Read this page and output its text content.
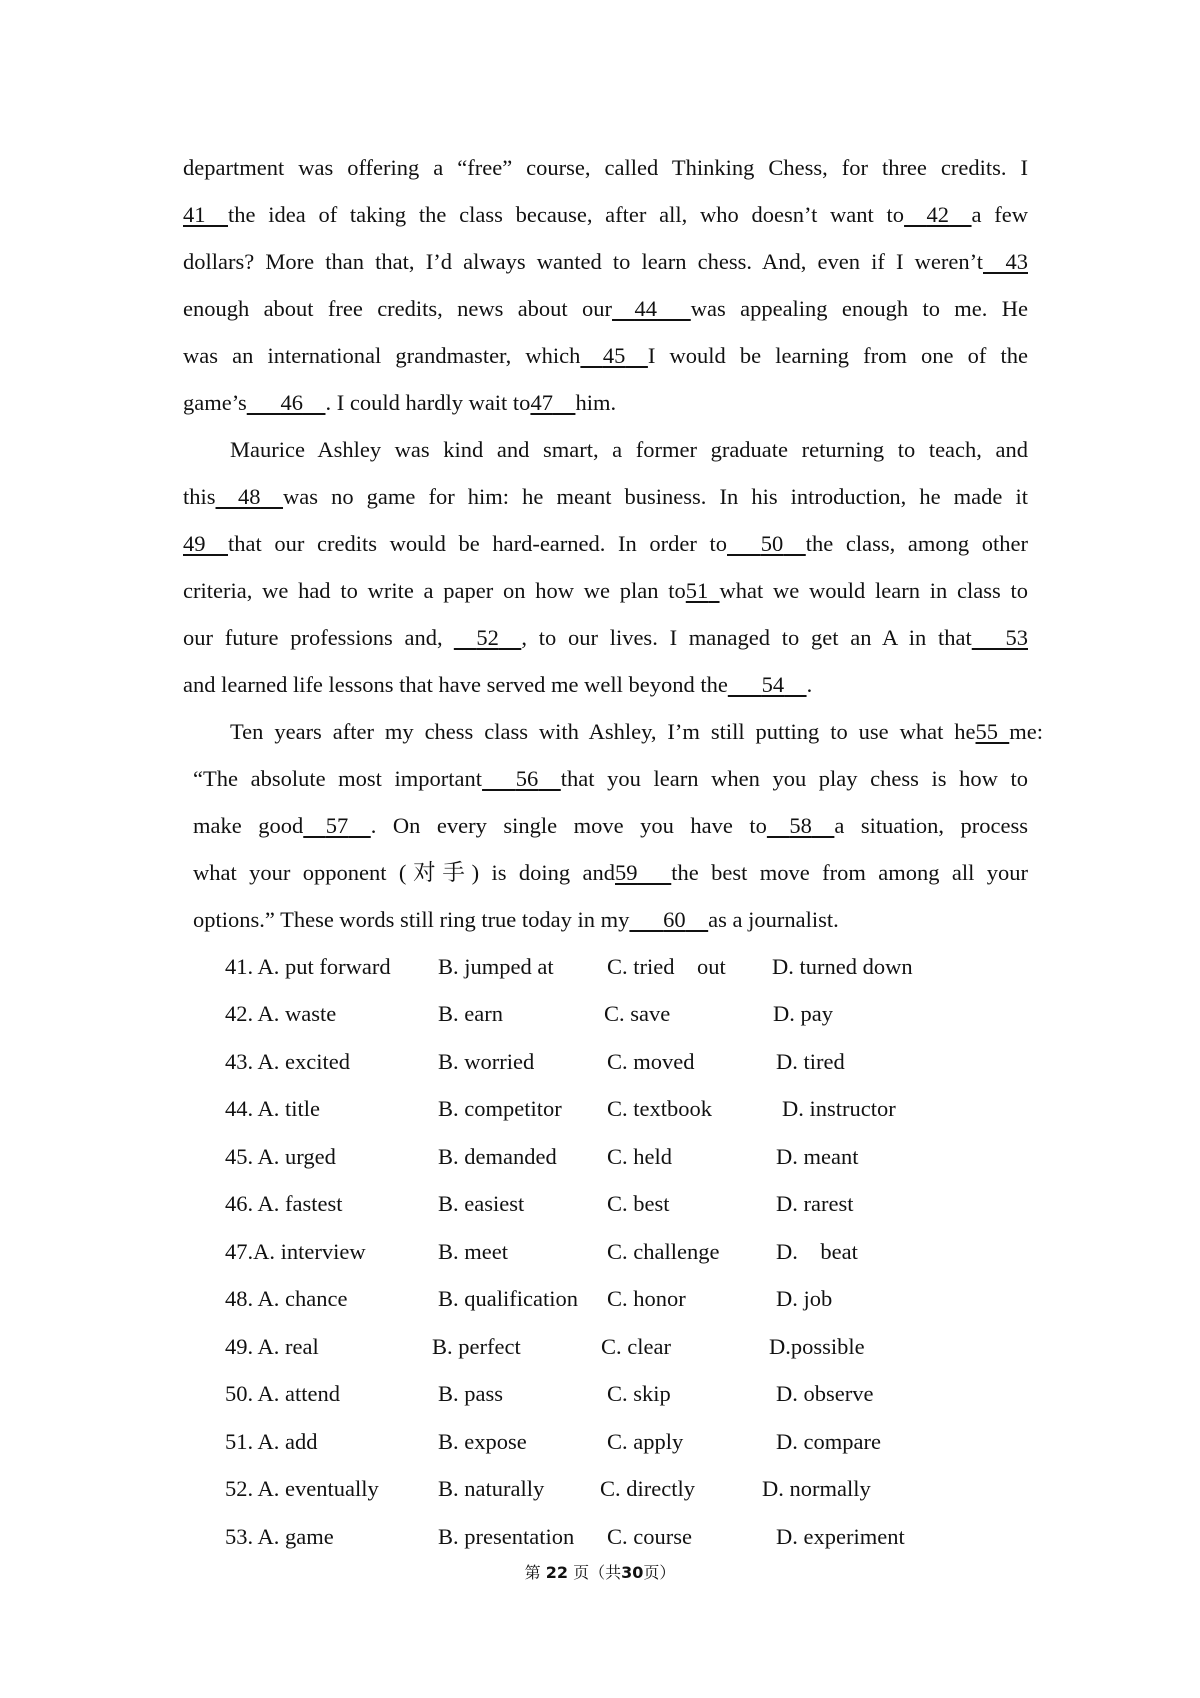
department was offering a “free” course, called Thinking Chess, for three credits. I
41  the idea of taking the class because, after all, who doesn’t want to   42   a few
dollars? More than that, I’d always wanted to learn chess. And, even if I weren’t   43
enough about free credits, news about our   44    was appealing enough to me. He
was an international grandmaster, which   45   I would be learning from one of the
game’s    46   . I could hardly wait to47   him.
Maurice Ashley was kind and smart, a former graduate returning to teach, and
this   48   was no game for him: he meant business. In his introduction, he made it
49  that our credits would be hard-earned. In order to    50   the class, among other
criteria, we had to write a paper on how we plan to51  what we would learn in class to
our future professions and,    52   , to our lives. I managed to get an A in that    53
and learned life lessons that have served me well beyond the    54   .
Ten years after my chess class with Ashley, I’m still putting to use what he55  me:
“The absolute most important    56   that you learn when you play chess is how to
make good   57   . On every single move you have to   58   a situation, process
what your opponent (对手) is doing and59    the best move from among all your
options.” These words still ring true today in my    60   as a journalist.
41. A. put forward B. jumped at C. tried    out D. turned down
42. A. waste	B. earn	C. save	D. pay
43. A. excited	B. worried	C. moved	D. tired
44. A. title	B. competitor C. textbook	D. instructor
45. A. urged	B. demanded C. held	D. meant
46. A. fastest	B. easiest	C. best	D. rarest
47.A. interview	B. meet	C. challenge	D.    beat
48. A. chance	B. qualification C. honor	D. job
49. A. real	B. perfect	C. clear	D.possible
50. A. attend	B. pass	C. skip	D. observe
51. A. add	B. expose	C. apply	D. compare
52. A. eventually	B. naturally C. directly	D. normally
53. A. game	B. presentation C. course	D. experiment
第 22 页（共30页）
